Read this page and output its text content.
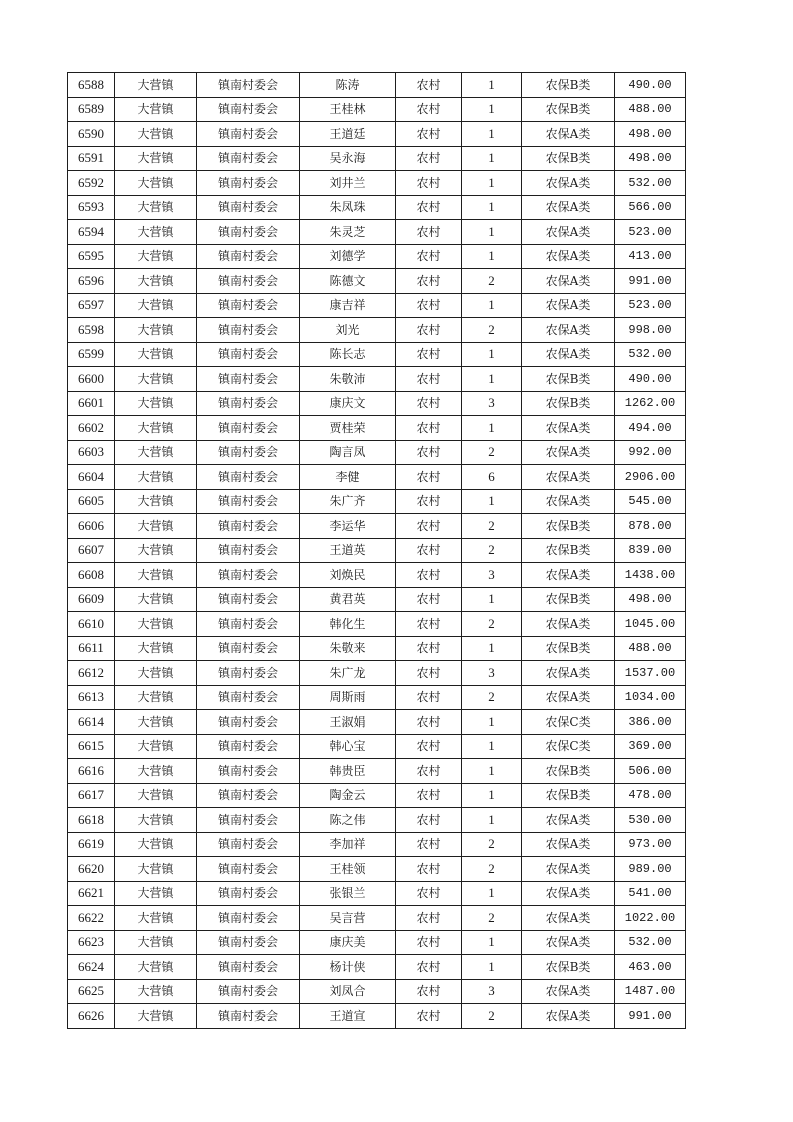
6588	大营镇	镇南村委会	陈涛	农村	1	农保B类	490.00
6589	大营镇	镇南村委会	王桂林	农村	1	农保B类	488.00
6590	大营镇	镇南村委会	王道廷	农村	1	农保A类	498.00
6591	大营镇	镇南村委会	吴永海	农村	1	农保B类	498.00
6592	大营镇	镇南村委会	刘井兰	农村	1	农保A类	532.00
6593	大营镇	镇南村委会	朱凤珠	农村	1	农保A类	566.00
6594	大营镇	镇南村委会	朱灵芝	农村	1	农保A类	523.00
6595	大营镇	镇南村委会	刘德学	农村	1	农保A类	413.00
6596	大营镇	镇南村委会	陈德文	农村	2	农保A类	991.00
6597	大营镇	镇南村委会	康吉祥	农村	1	农保A类	523.00
6598	大营镇	镇南村委会	刘光	农村	2	农保A类	998.00
6599	大营镇	镇南村委会	陈长志	农村	1	农保A类	532.00
6600	大营镇	镇南村委会	朱敬沛	农村	1	农保B类	490.00
6601	大营镇	镇南村委会	康庆文	农村	3	农保B类	1262.00
6602	大营镇	镇南村委会	贾桂荣	农村	1	农保A类	494.00
6603	大营镇	镇南村委会	陶言凤	农村	2	农保A类	992.00
6604	大营镇	镇南村委会	李健	农村	6	农保A类	2906.00
6605	大营镇	镇南村委会	朱广齐	农村	1	农保A类	545.00
6606	大营镇	镇南村委会	李运华	农村	2	农保B类	878.00
6607	大营镇	镇南村委会	王道英	农村	2	农保B类	839.00
6608	大营镇	镇南村委会	刘焕民	农村	3	农保A类	1438.00
6609	大营镇	镇南村委会	黄君英	农村	1	农保B类	498.00
6610	大营镇	镇南村委会	韩化生	农村	2	农保A类	1045.00
6611	大营镇	镇南村委会	朱敬来	农村	1	农保B类	488.00
6612	大营镇	镇南村委会	朱广龙	农村	3	农保A类	1537.00
6613	大营镇	镇南村委会	周斯雨	农村	2	农保A类	1034.00
6614	大营镇	镇南村委会	王淑娟	农村	1	农保C类	386.00
6615	大营镇	镇南村委会	韩心宝	农村	1	农保C类	369.00
6616	大营镇	镇南村委会	韩贵臣	农村	1	农保B类	506.00
6617	大营镇	镇南村委会	陶金云	农村	1	农保B类	478.00
6618	大营镇	镇南村委会	陈之伟	农村	1	农保A类	530.00
6619	大营镇	镇南村委会	李加祥	农村	2	农保A类	973.00
6620	大营镇	镇南村委会	王桂领	农村	2	农保A类	989.00
6621	大营镇	镇南村委会	张银兰	农村	1	农保A类	541.00
6622	大营镇	镇南村委会	吴言营	农村	2	农保A类	1022.00
6623	大营镇	镇南村委会	康庆美	农村	1	农保A类	532.00
6624	大营镇	镇南村委会	杨计侠	农村	1	农保B类	463.00
6625	大营镇	镇南村委会	刘凤合	农村	3	农保A类	1487.00
6626	大营镇	镇南村委会	王道宣	农村	2	农保A类	991.00
